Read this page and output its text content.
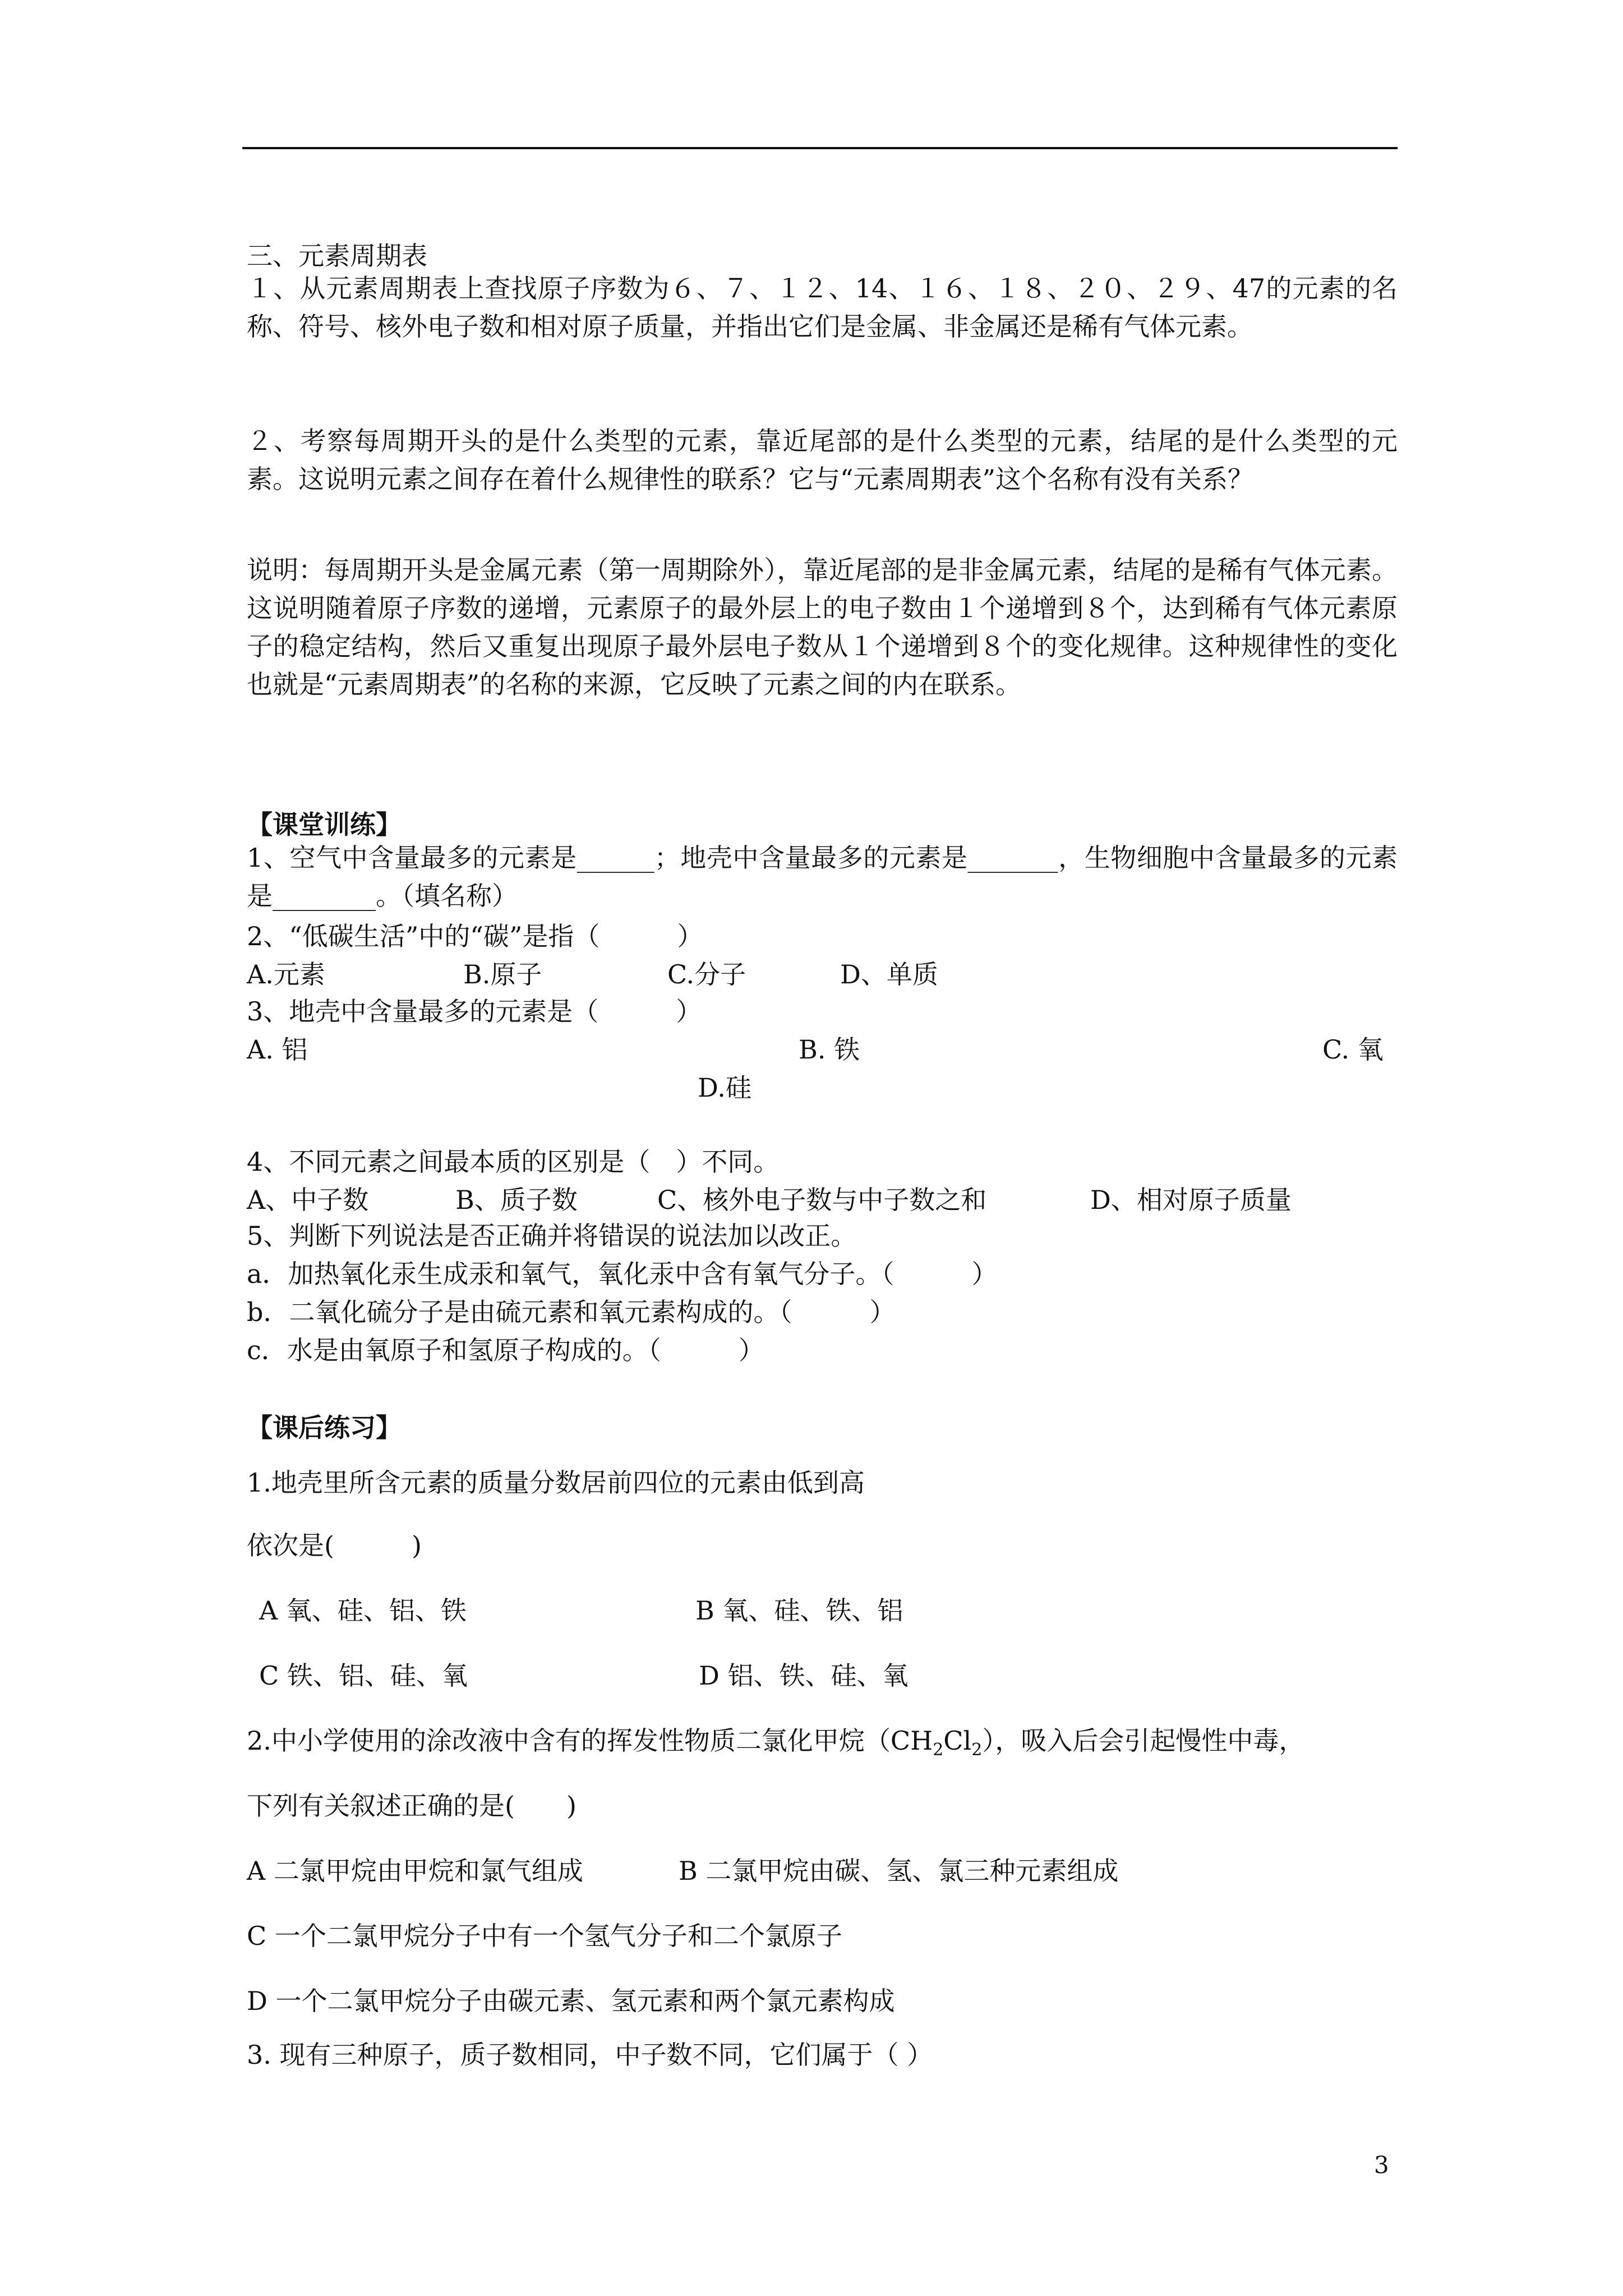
三、元素周期表
１、从元素周期表上查找原子序数为６、７、１２、14、１６、１８、２０、２９、47的元素的名称、符号、核外电子数和相对原子质量，并指出它们是金属、非金属还是稀有气体元素。
２、考察每周期开头的是什么类型的元素，靠近尾部的是什么类型的元素，结尾的是什么类型的元素。这说明元素之间存在着什么规律性的联系？它与“元素周期表”这个名称有没有关系？
说明：每周期开头是金属元素（第一周期除外），靠近尾部的是非金属元素，结尾的是稀有气体元素。这说明随着原子序数的递增，元素原子的最外层上的电子数由１个递增到８个，达到稀有气体元素原子的稳定结构，然后又重复出现原子最外层电子数从１个递增到８个的变化规律。这种规律性的变化也就是“元素周期表”的名称的来源，它反映了元素之间的内在联系。
【课堂训练】
1、空气中含量最多的元素是______；地壳中含量最多的元素是_______，生物细胞中含量最多的元素是________。（填名称）
2、“低碳生活”中的“碳”是指（　　　）
A.元素	B.原子	C.分子	D、单质
3、地壳中含量最多的元素是（　　　）
A. 铝	B. 铁	C. 氧
D.硅
4、不同元素之间最本质的区别是（　）不同。
A、中子数	B、质子数	C、核外电子数与中子数之和	D、相对原子质量
5、判断下列说法是否正确并将错误的说法加以改正。
a．加热氧化汞生成汞和氧气，氧化汞中含有氧气分子。（　　　）
b．二氧化硫分子是由硫元素和氧元素构成的。（　　　）
c．水是由氧原子和氢原子构成的。（　　　）
【课后练习】
1.地壳里所含元素的质量分数居前四位的元素由低到高
依次是(　　　)
A 氧、硅、铝、铁	B 氧、硅、铁、铝
C 铁、铝、硅、氧	D 铝、铁、硅、氧
2.中小学使用的涂改液中含有的挥发性物质二氯化甲烷$(CH_2Cl_2)$，吸入后会引起慢性中毒，
下列有关叙述正确的是(　　)
A 二氯甲烷由甲烷和氯气组成	B 二氯甲烷由碳、氢、氯三种元素组成
C 一个二氯甲烷分子中有一个氢气分子和二个氯原子
D 一个二氯甲烷分子由碳元素、氢元素和两个氯元素构成
3. 现有三种原子，质子数相同，中子数不同，它们属于（ ）
3
